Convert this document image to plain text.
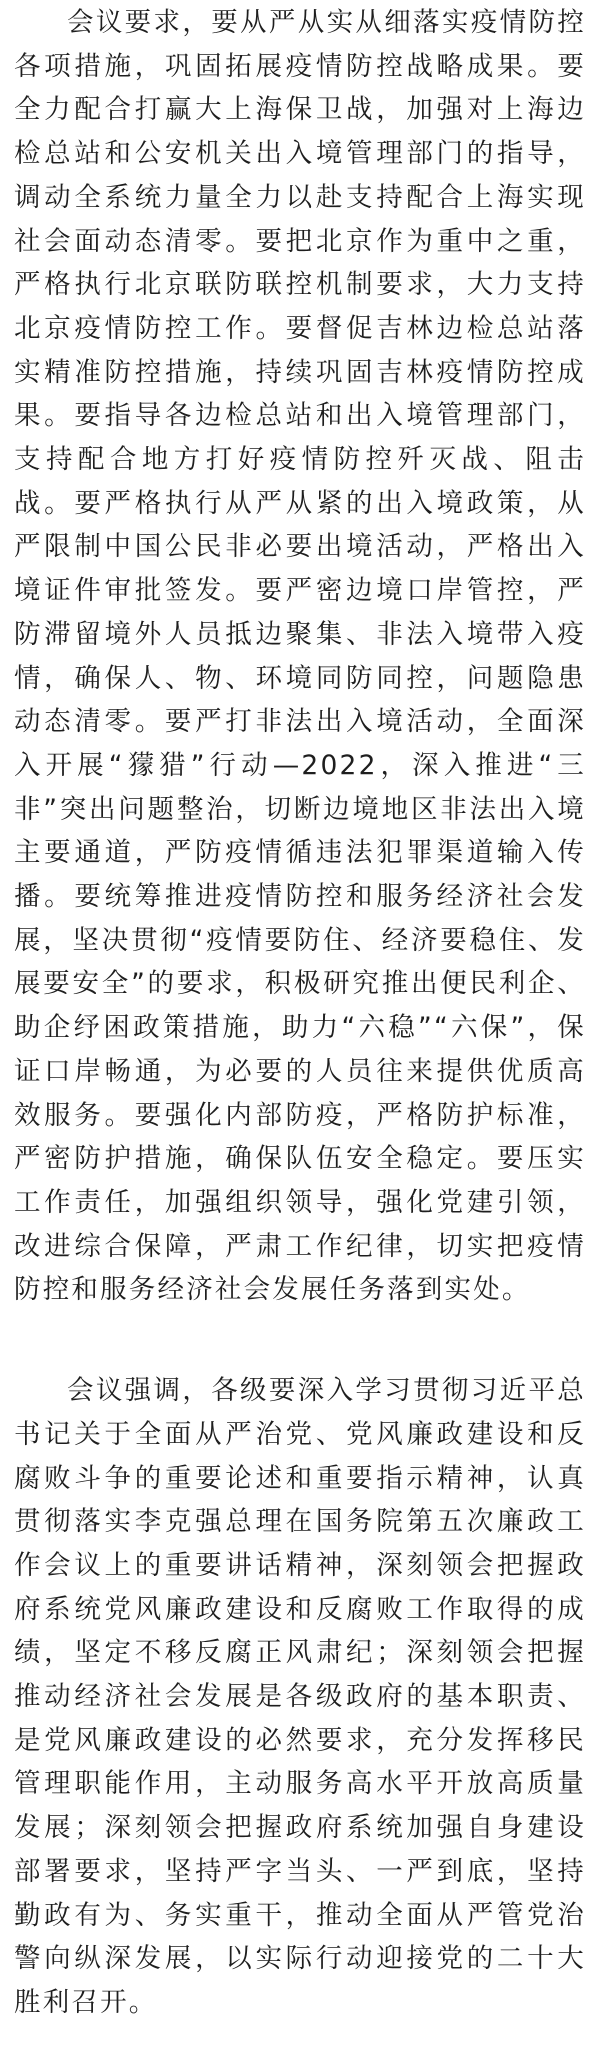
会议要求，要从严从实从细落实疫情防控各项措施，巩固拓展疫情防控战略成果。要全力配合打赢大上海保卫战，加强对上海边检总站和公安机关出入境管理部门的指导，调动全系统力量全力以赴支持配合上海实现社会面动态清零。要把北京作为重中之重，严格执行北京联防联控机制要求，大力支持北京疫情防控工作。要督促吉林边检总站落实精准防控措施，持续巩固吉林疫情防控成果。要指导各边检总站和出入境管理部门，支持配合地方打好疫情防控歼灭战、阻击战。要严格执行从严从紧的出入境政策，从严限制中国公民非必要出境活动，严格出入境证件审批签发。要严密边境口岸管控，严防滞留境外人员抵边聚集、非法入境带入疫情，确保人、物、环境同防同控，问题隐患动态清零。要严打非法出入境活动，全面深入开展“獴猎”行动—2022，深入推进“三非”突出问题整治，切断边境地区非法出入境主要通道，严防疫情循违法犯罪渠道输入传播。要统筹推进疫情防控和服务经济社会发展，坚决贯彻“疫情要防住、经济要稳住、发展要安全”的要求，积极研究推出便民利企、助企纾困政策措施，助力“六稳”“六保”，保证口岸畅通，为必要的人员往来提供优质高效服务。要强化内部防疫，严格防护标准，严密防护措施，确保队伍安全稳定。要压实工作责任，加强组织领导，强化党建引领，改进综合保障，严肃工作纪律，切实把疫情防控和服务经济社会发展任务落到实处。

会议强调，各级要深入学习贯彻习近平总书记关于全面从严治党、党风廉政建设和反腐败斗争的重要论述和重要指示精神，认真贯彻落实李克强总理在国务院第五次廉政工作会议上的重要讲话精神，深刻领会把握政府系统党风廉政建设和反腐败工作取得的成绩，坚定不移反腐正风肃纪；深刻领会把握推动经济社会发展是各级政府的基本职责、是党风廉政建设的必然要求，充分发挥移民管理职能作用，主动服务高水平开放高质量发展；深刻领会把握政府系统加强自身建设部署要求，坚持严字当头、一严到底，坚持勤政有为、务实重干，推动全面从严管党治警向纵深发展，以实际行动迎接党的二十大胜利召开。
